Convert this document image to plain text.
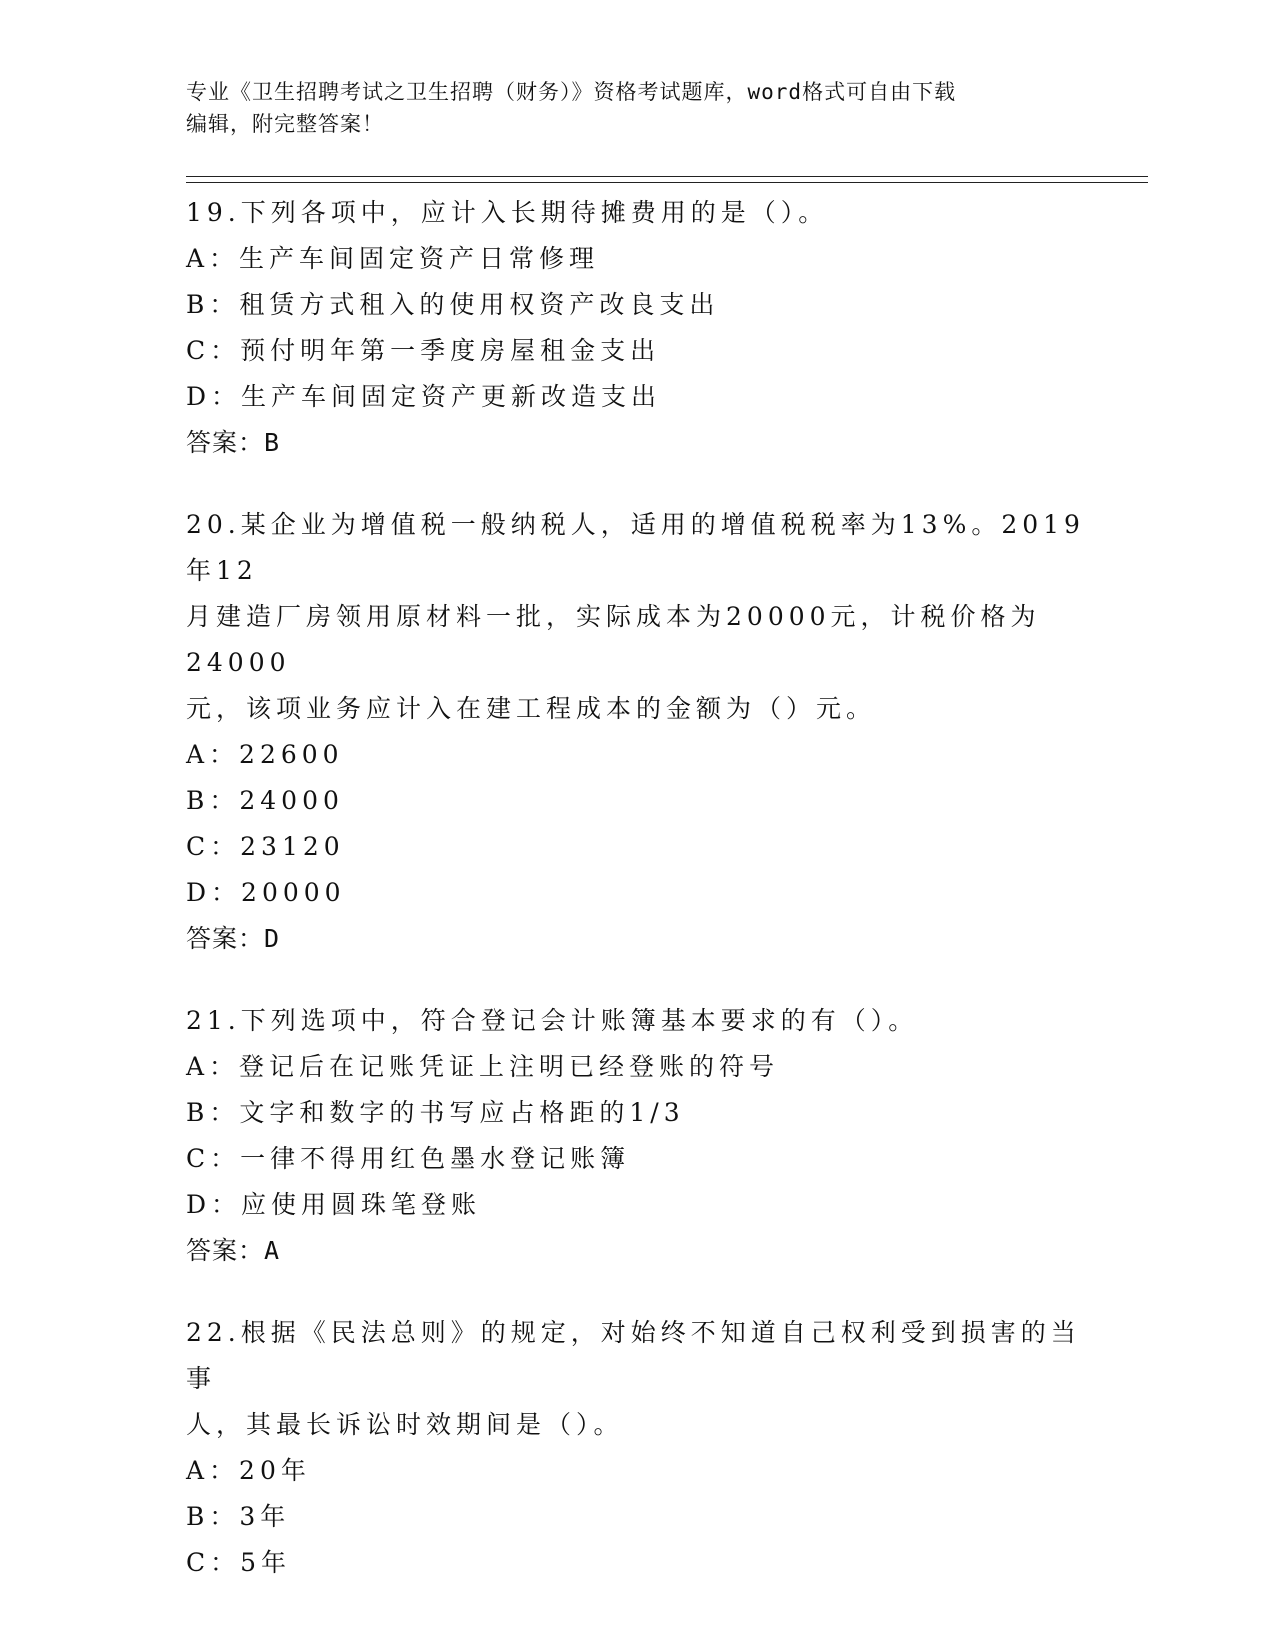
专业《卫生招聘考试之卫生招聘（财务）》资格考试题库，word格式可自由下载
编辑，附完整答案！
19.下列各项中，应计入长期待摊费用的是（）。
A：生产车间固定资产日常修理
B：租赁方式租入的使用权资产改良支出
C：预付明年第一季度房屋租金支出
D：生产车间固定资产更新改造支出
答案：B
20.某企业为增值税一般纳税人，适用的增值税税率为13%。2019年12
月建造厂房领用原材料一批，实际成本为20000元，计税价格为24000
元，该项业务应计入在建工程成本的金额为（）元。
A：22600
B：24000
C：23120
D：20000
答案：D
21.下列选项中，符合登记会计账簿基本要求的有（）。
A：登记后在记账凭证上注明已经登账的符号
B：文字和数字的书写应占格距的1/3
C：一律不得用红色墨水登记账簿
D：应使用圆珠笔登账
答案：A
22.根据《民法总则》的规定，对始终不知道自己权利受到损害的当事
人，其最长诉讼时效期间是（）。
A：20年
B：3年
C：5年
